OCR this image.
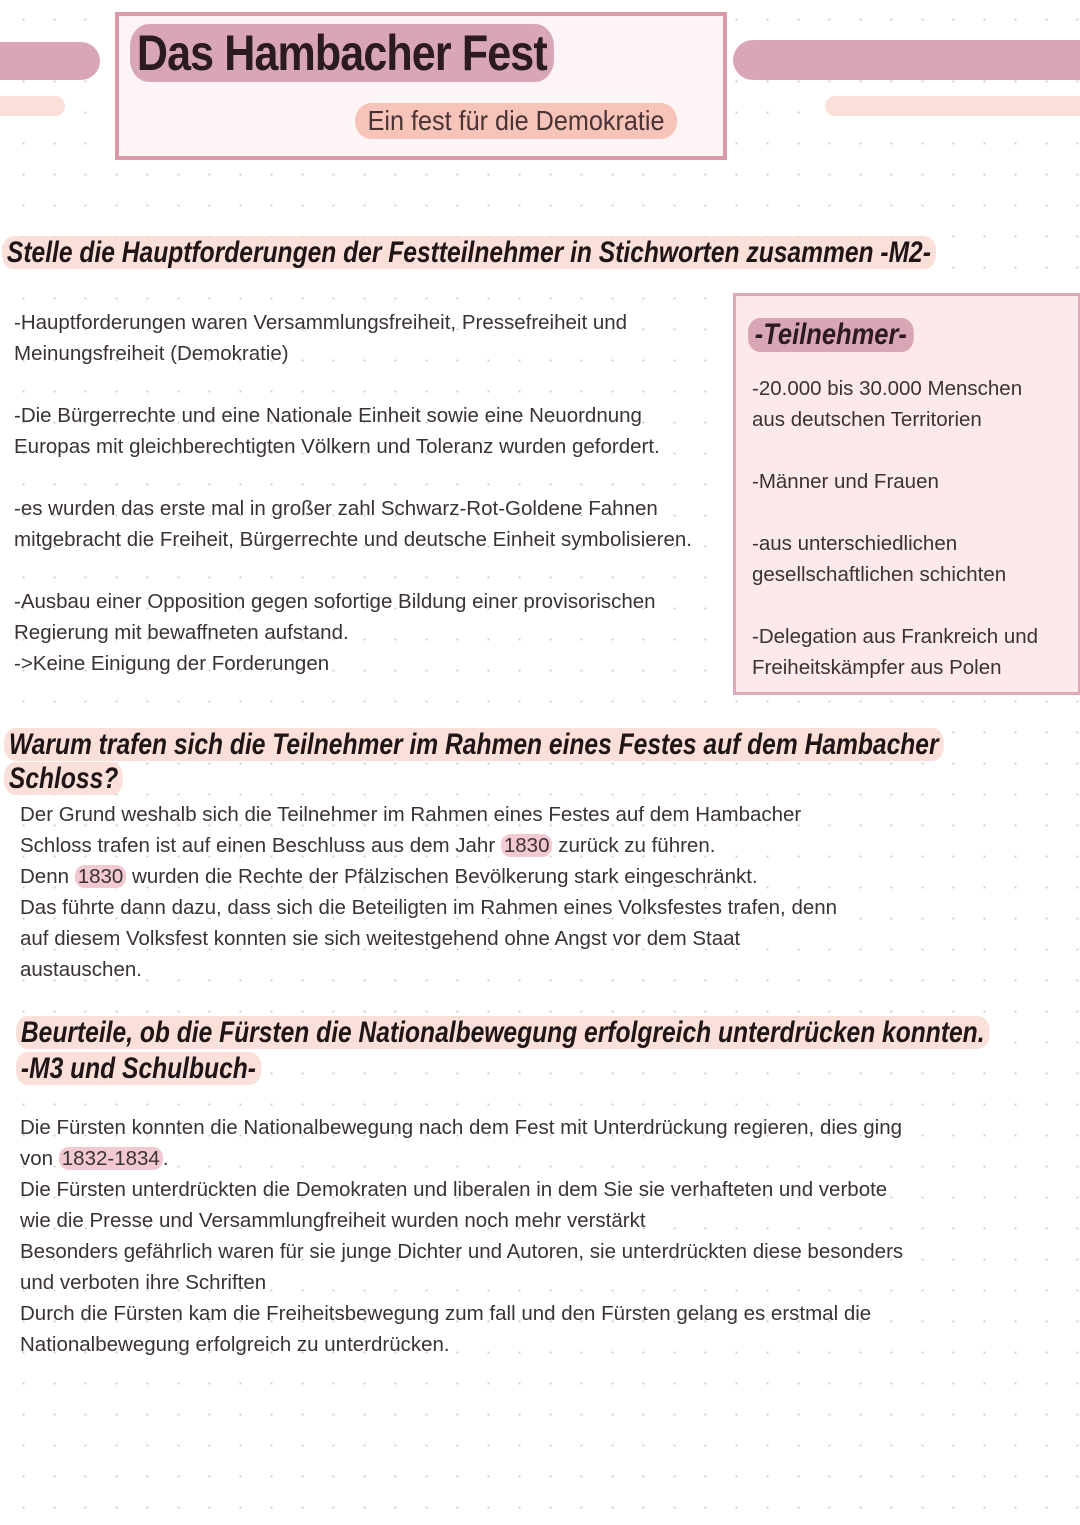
Das Hambacher Fest
Ein fest für die Demokratie
Stelle die Hauptforderungen der Festteilnehmer in Stichworten zusammen -M2-

-Hauptforderungen waren Versammlungsfreiheit, Pressefreiheit und

Meinungsfreiheit (Demokratie)

-Die Bürgerrechte und eine Nationale Einheit sowie eine Neuordnung

Europas mit gleichberechtigten Völkern und Toleranz wurden gefordert.

-es wurden das erste mal in großer zahl Schwarz-Rot-Goldene Fahnen

mitgebracht die Freiheit, Bürgerrechte und deutsche Einheit symbolisieren.

-Ausbau einer Opposition gegen sofortige Bildung einer provisorischen

Regierung mit bewaffneten aufstand.

->Keine Einigung der Forderungen

-Teilnehmer-

-20.000 bis 30.000 Menschen

aus deutschen Territorien

-Männer und Frauen

-aus unterschiedlichen

gesellschaftlichen schichten

-Delegation aus Frankreich und

Freiheitskämpfer aus Polen

Warum trafen sich die Teilnehmer im Rahmen eines Festes auf dem Hambacher
Schloss?

Der Grund weshalb sich die Teilnehmer im Rahmen eines Festes auf dem Hambacher

Schloss trafen ist auf einen Beschluss aus dem Jahr 1830 zurück zu führen.

Denn 1830 wurden die Rechte der Pfälzischen Bevölkerung stark eingeschränkt.

Das führte dann dazu, dass sich die Beteiligten im Rahmen eines Volksfestes trafen, denn

auf diesem Volksfest konnten sie sich weitestgehend ohne Angst vor dem Staat

austauschen.

Beurteile, ob die Fürsten die Nationalbewegung erfolgreich unterdrücken konnten.
-M3 und Schulbuch-

Die Fürsten konnten die Nationalbewegung nach dem Fest mit Unterdrückung regieren, dies ging

von 1832-1834 .

Die Fürsten unterdrückten die Demokraten und liberalen in dem Sie sie verhafteten und verbote

wie die Presse und Versammlungfreiheit wurden noch mehr verstärkt

Besonders gefährlich waren für sie junge Dichter und Autoren, sie unterdrückten diese besonders

und verboten ihre Schriften

Durch die Fürsten kam die Freiheitsbewegung zum fall und den Fürsten gelang es erstmal die

Nationalbewegung erfolgreich zu unterdrücken.
